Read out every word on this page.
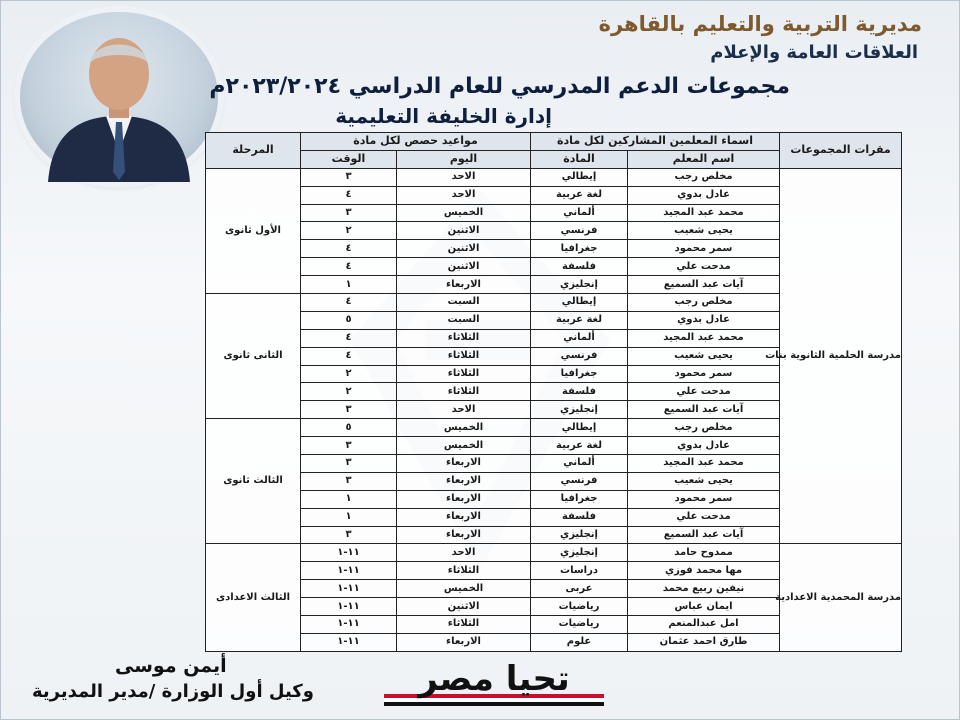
مديرية التربية والتعليم بالقاهرة
العلاقات العامة والإعلام
مجموعات الدعم المدرسي للعام الدراسي ٢٠٢٣/٢٠٢٤م
إدارة الخليفة التعليمية
مقرات المجموعات	اسماء المعلمين المشاركين لكل مادة		مواعيد حصص لكل مادة		المرحلة
	اسم المعلم	المادة	اليوم	الوقت	
مدرسة الحلمية الثانوية بنات	مخلص رجب	إيطالي	الاحد	٣	الأول ثانوى
	عادل بدوي	لغة عربية	الاحد	٤	
	محمد عبد المجيد	ألماني	الخميس	٣	
	يحيى شعيب	فرنسي	الاثنين	٢	
	سمر محمود	جغرافيا	الاثنين	٤	
	مدحت علي	فلسفة	الاثنين	٤	
	آيات عبد السميع	إنجليزي	الاربعاء	١	
	مخلص رجب	إيطالي	السبت	٤	الثانى ثانوى
	عادل بدوي	لغة عربية	السبت	٥	
	محمد عبد المجيد	ألماني	الثلاثاء	٤	
	يحيى شعيب	فرنسي	الثلاثاء	٤	
	سمر محمود	جغرافيا	الثلاثاء	٢	
	مدحت علي	فلسفة	الثلاثاء	٢	
	آيات عبد السميع	إنجليزي	الاحد	٣	
	مخلص رجب	إيطالي	الخميس	٥	الثالث ثانوى
	عادل بدوي	لغة عربية	الخميس	٣	
	محمد عبد المجيد	ألماني	الاربعاء	٣	
	يحيى شعيب	فرنسي	الاربعاء	٣	
	سمر محمود	جغرافيا	الاربعاء	١	
	مدحت علي	فلسفة	الاربعاء	١	
	آيات عبد السميع	إنجليزي	الاربعاء	٣	
مدرسة المحمدية الاعدادية	ممدوح حامد	إنجليزي	الاحد	١١-١	الثالث الاعدادى
	مها محمد فوزي	دراسات	الثلاثاء	١١-١	
	نيفين ربيع محمد	عربى	الخميس	١١-١	
	ايمان عباس	رياضيات	الاثنين	١١-١	
	امل عبدالمنعم	رياضيات	الثلاثاء	١١-١	
	طارق احمد عثمان	علوم	الاربعاء	١١-١	
أيمن موسى
وكيل أول الوزارة /مدير المديرية	تحيا مصر
